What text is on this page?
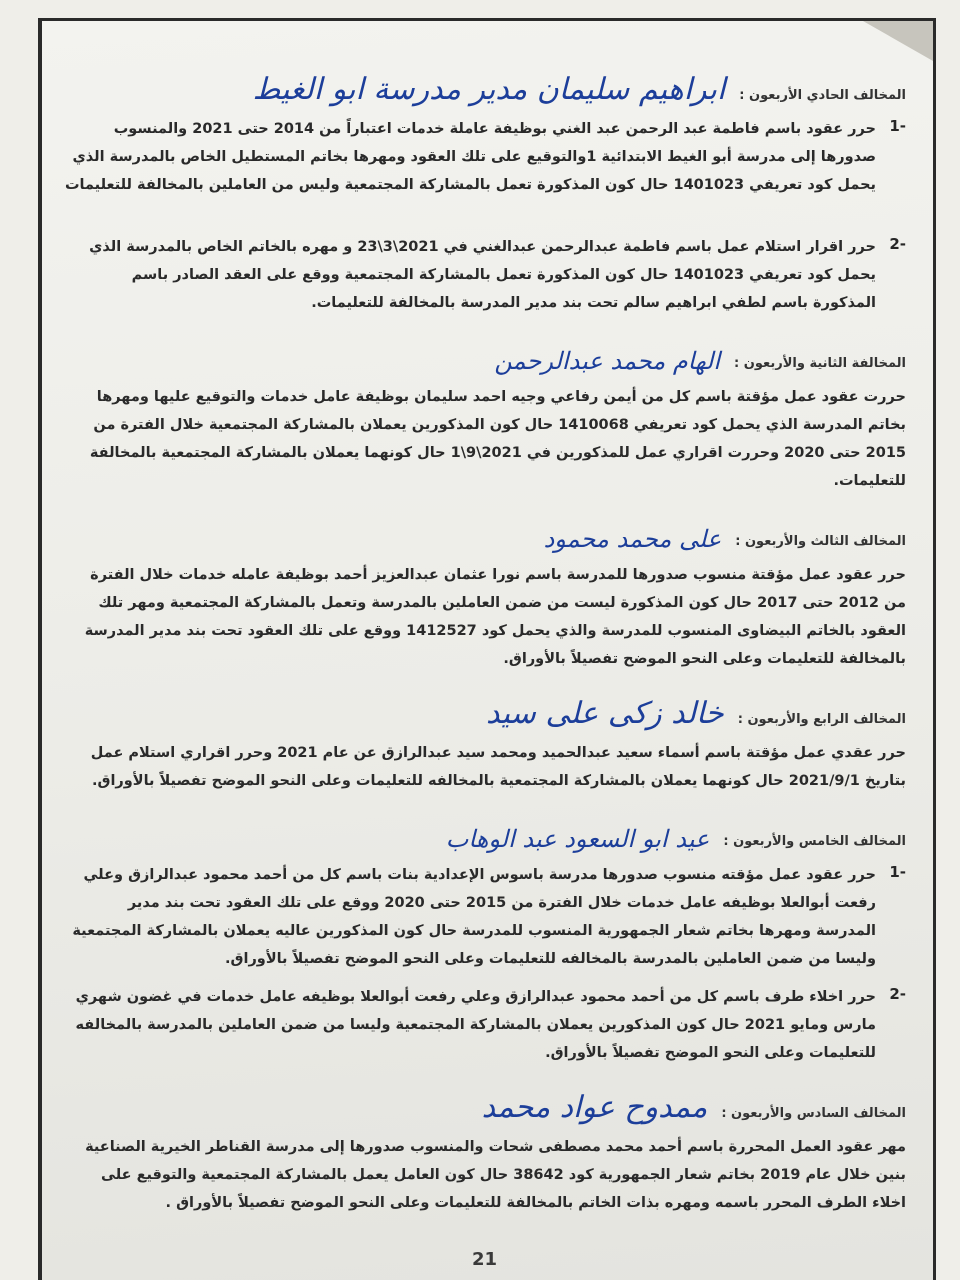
المخالف الحادي الأربعون :
ابراهيم سليمان مدير مدرسة ابو الغيط
-1

حرر عقود باسم فاطمة عبد الرحمن عبد الغني بوظيفة عاملة خدمات اعتباراً من 2014 حتى 2021 والمنسوب صدورها إلى مدرسة أبو الغيط الابتدائية 1والتوقيع على تلك العقود ومهرها بخاتم المستطيل الخاص بالمدرسة الذي يحمل كود تعريفي 1401023 حال كون المذكورة تعمل بالمشاركة المجتمعية وليس من العاملين بالمخالفة للتعليمات

-2

حرر اقرار استلام عمل باسم فاطمة عبدالرحمن عبدالغني في 2021\3\23 و مهره بالخاتم الخاص بالمدرسة الذي يحمل كود تعريفي 1401023 حال كون المذكورة تعمل بالمشاركة المجتمعية ووقع على العقد الصادر باسم المذكورة باسم لطفي ابراهيم سالم تحت بند مدير المدرسة بالمخالفة للتعليمات.

المخالفة الثانية والأربعون :
الهام محمد عبدالرحمن

حررت عقود عمل مؤقتة باسم كل من أيمن رفاعي وجيه احمد سليمان بوظيفة عامل خدمات والتوقيع عليها ومهرها بخاتم المدرسة الذي يحمل كود تعريفي 1410068 حال كون المذكورين يعملان بالمشاركة المجتمعية خلال الفترة من 2015 حتى 2020 وحررت اقراري عمل للمذكورين في 2021\9\1 حال كونهما يعملان بالمشاركة المجتمعية بالمخالفة للتعليمات.

المخالف الثالث والأربعون :
على محمد محمود

حرر عقود عمل مؤقتة منسوب صدورها للمدرسة باسم نورا عثمان عبدالعزيز أحمد بوظيفة عامله خدمات خلال الفترة من 2012 حتى 2017 حال كون المذكورة ليست من ضمن العاملين بالمدرسة وتعمل بالمشاركة المجتمعية ومهر تلك العقود بالخاتم البيضاوى المنسوب للمدرسة والذي يحمل كود 1412527 ووقع على تلك العقود تحت بند مدير المدرسة بالمخالفة للتعليمات وعلى النحو الموضح تفصيلاً بالأوراق.

المخالف الرابع والأربعون :
خالد زكى على سيد

حرر عقدي عمل مؤقتة باسم أسماء سعيد عبدالحميد ومحمد سيد عبدالرازق عن عام 2021 وحرر اقراري استلام عمل بتاريخ 2021/9/1 حال كونهما يعملان بالمشاركة المجتمعية بالمخالفه للتعليمات وعلى النحو الموضح تفصيلاً بالأوراق.

المخالف الخامس والأربعون :
عيد ابو السعود عبد الوهاب
-1

حرر عقود عمل مؤقته منسوب صدورها مدرسة باسوس الإعدادية بنات باسم كل من أحمد محمود عبدالرازق وعلي رفعت أبوالعلا بوظيفه عامل خدمات خلال الفترة من 2015 حتى 2020 ووقع على تلك العقود تحت بند مدير المدرسة ومهرها بخاتم شعار الجمهورية المنسوب للمدرسة حال كون المذكورين عاليه يعملان بالمشاركة المجتمعية وليسا من ضمن العاملين بالمدرسة بالمخالفه للتعليمات وعلى النحو الموضح تفصيلاً بالأوراق.

-2

حرر اخلاء طرف باسم كل من أحمد محمود عبدالرازق وعلي رفعت أبوالعلا بوظيفه عامل خدمات في غضون شهري مارس ومايو 2021 حال كون المذكورين يعملان بالمشاركة المجتمعية وليسا من ضمن العاملين بالمدرسة بالمخالفه للتعليمات وعلى النحو الموضح تفصيلاً بالأوراق.

المخالف السادس والأربعون :
ممدوح عواد محمد

مهر عقود العمل المحررة باسم أحمد محمد مصطفى شحات والمنسوب صدورها إلى مدرسة القناطر الخيرية الصناعية بنين خلال عام 2019 بخاتم شعار الجمهورية كود 38642 حال كون العامل يعمل بالمشاركة المجتمعية والتوقيع على اخلاء الطرف المحرر باسمه ومهره بذات الخاتم بالمخالفة للتعليمات وعلى النحو الموضح تفصيلاً بالأوراق .

21
